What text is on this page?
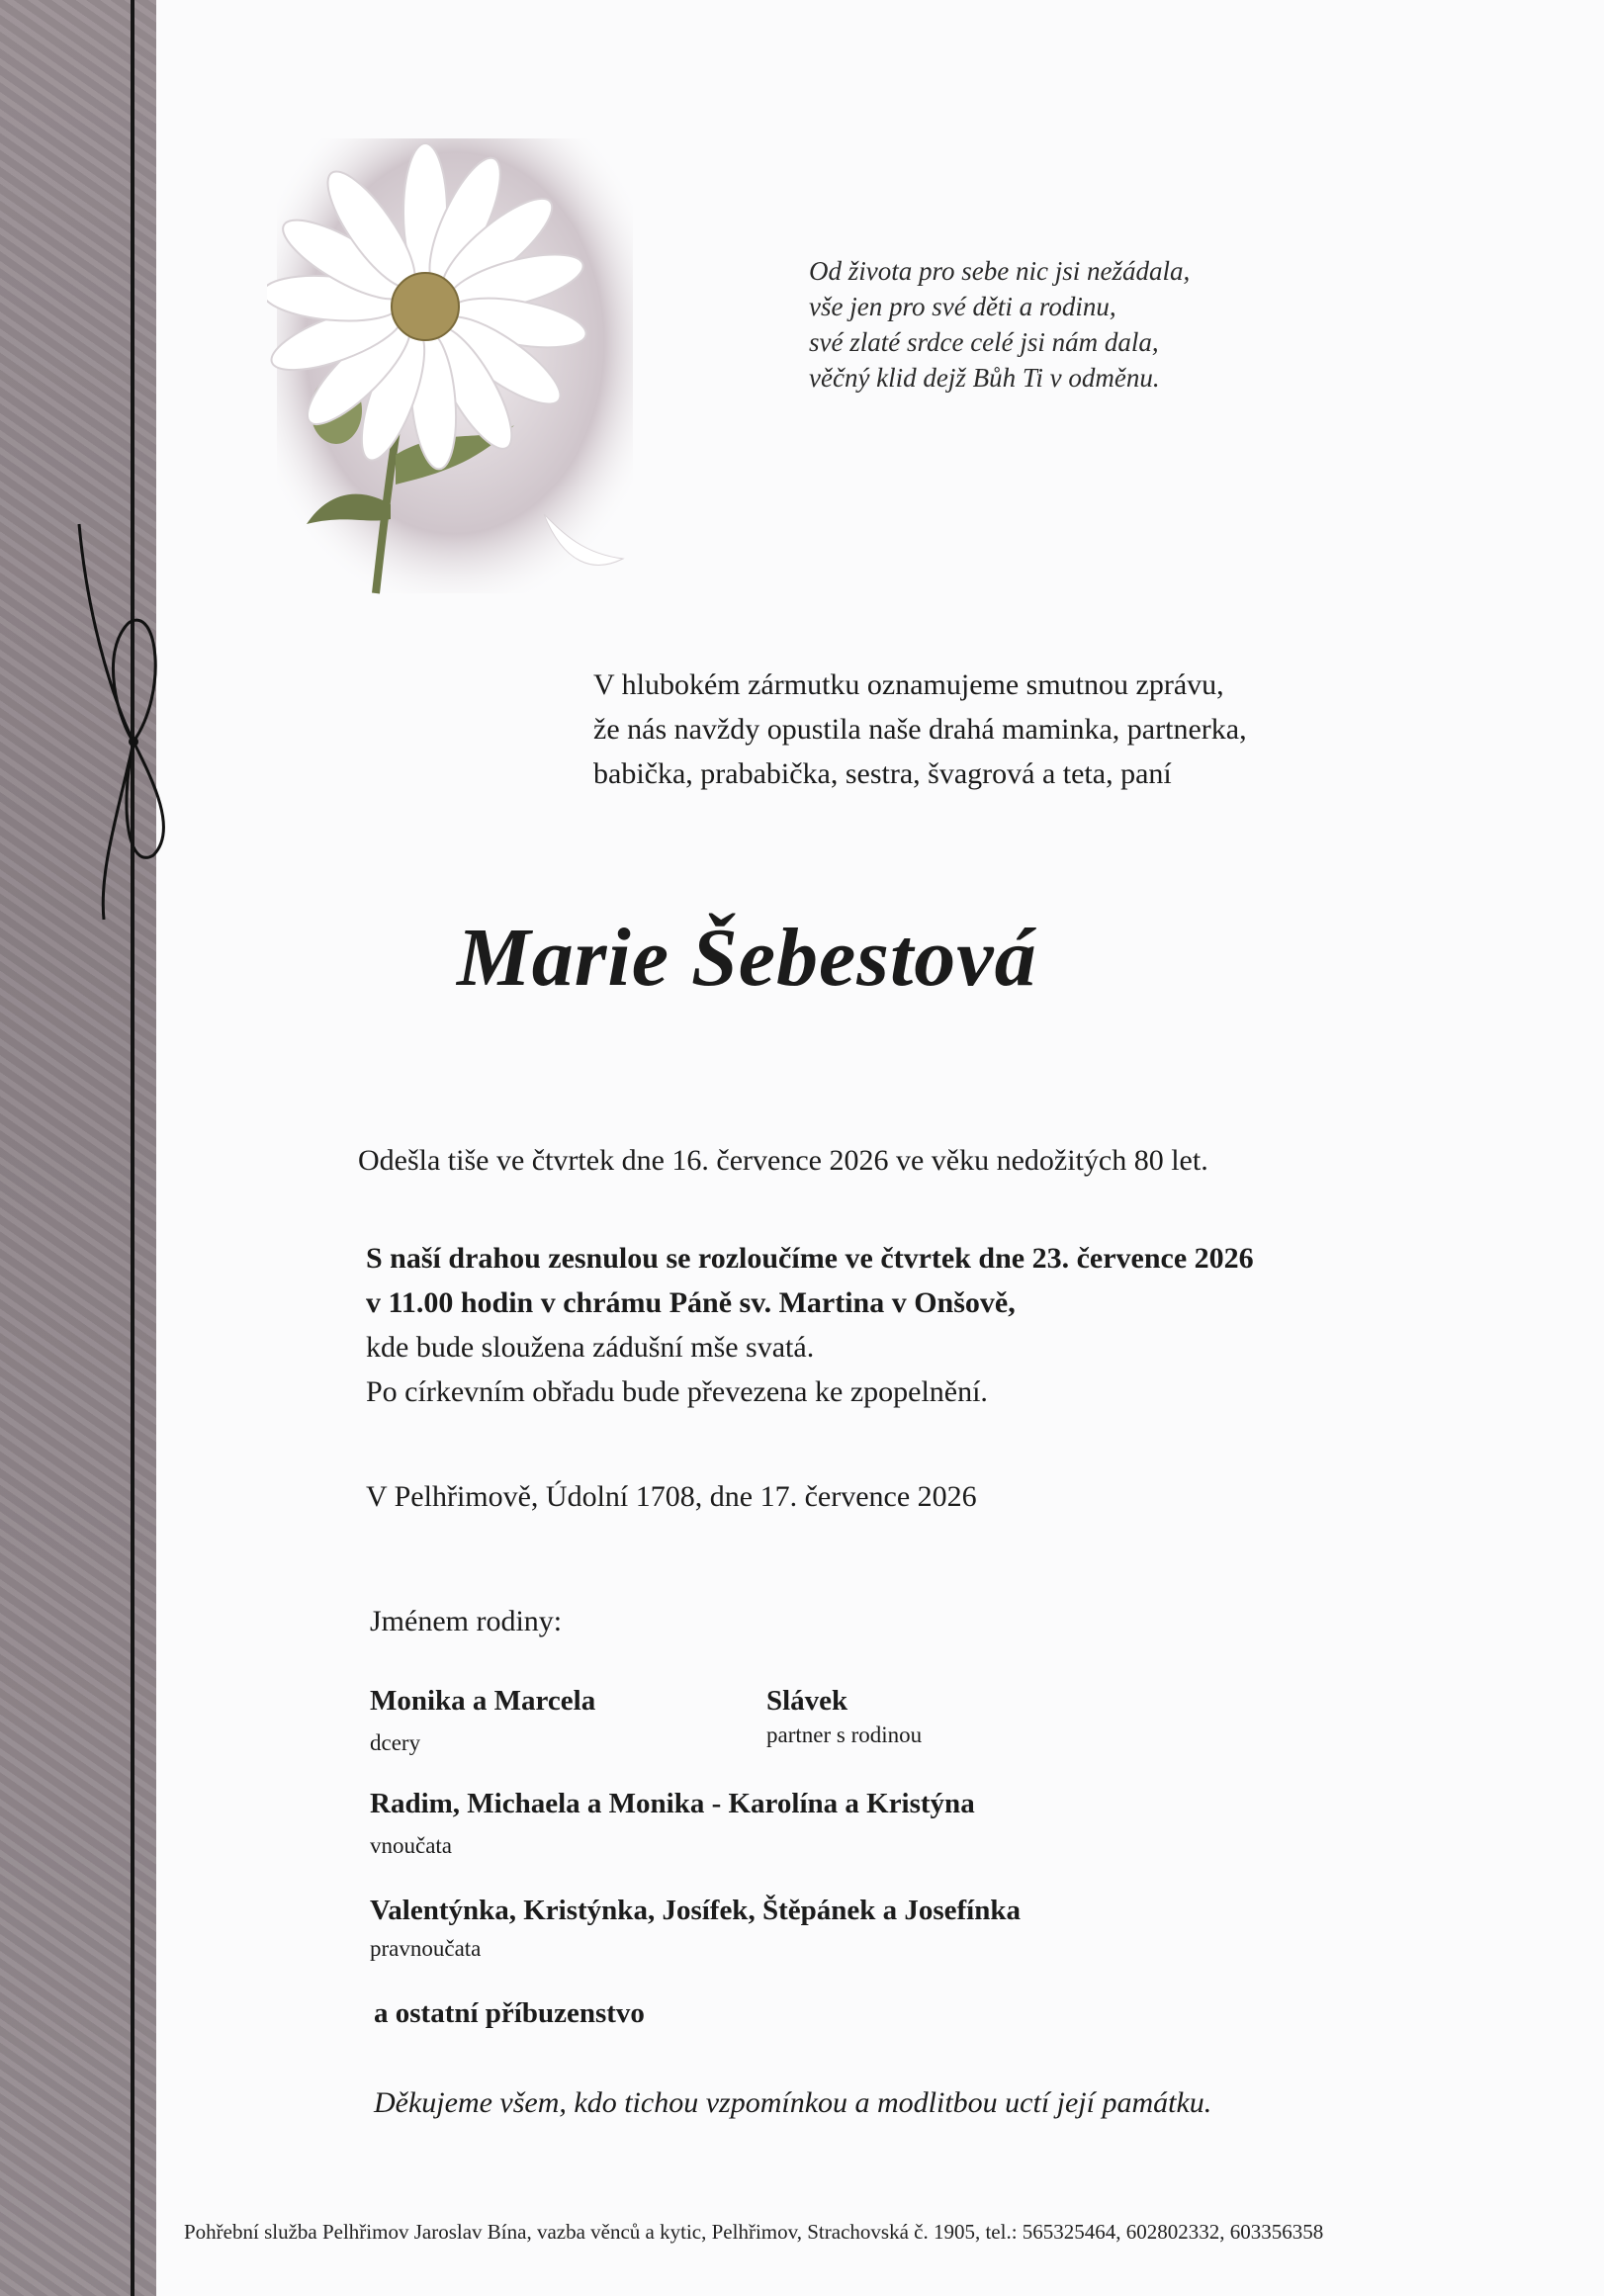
Od života pro sebe nic jsi nežádala,
vše jen pro své děti a rodinu,
své zlaté srdce celé jsi nám dala,
věčný klid dejž Bůh Ti v odměnu.
V hlubokém zármutku oznamujeme smutnou zprávu,
že nás navždy opustila naše drahá maminka, partnerka,
babička, prababička, sestra, švagrová a teta, paní
Marie Šebestová
Odešla tiše ve čtvrtek dne 16. července 2026 ve věku nedožitých 80 let.
S naší drahou zesnulou se rozloučíme ve čtvrtek dne 23. července 2026
v 11.00 hodin v chrámu Páně sv. Martina v Onšově,
kde bude sloužena zádušní mše svatá.
Po církevním obřadu bude převezena ke zpopelnění.
V Pelhřimově, Údolní 1708, dne 17. července 2026
Jménem rodiny:
Monika a Marcela
dcery
Slávek
partner s rodinou
Radim, Michaela a Monika - Karolína a Kristýna
vnoučata
Valentýnka, Kristýnka, Josífek, Štěpánek a Josefínka
pravnoučata
a ostatní příbuzenstvo
Děkujeme všem, kdo tichou vzpomínkou a modlitbou uctí její památku.
Pohřební služba Pelhřimov Jaroslav Bína, vazba věnců a kytic, Pelhřimov, Strachovská č. 1905, tel.: 565325464, 602802332, 603356358
